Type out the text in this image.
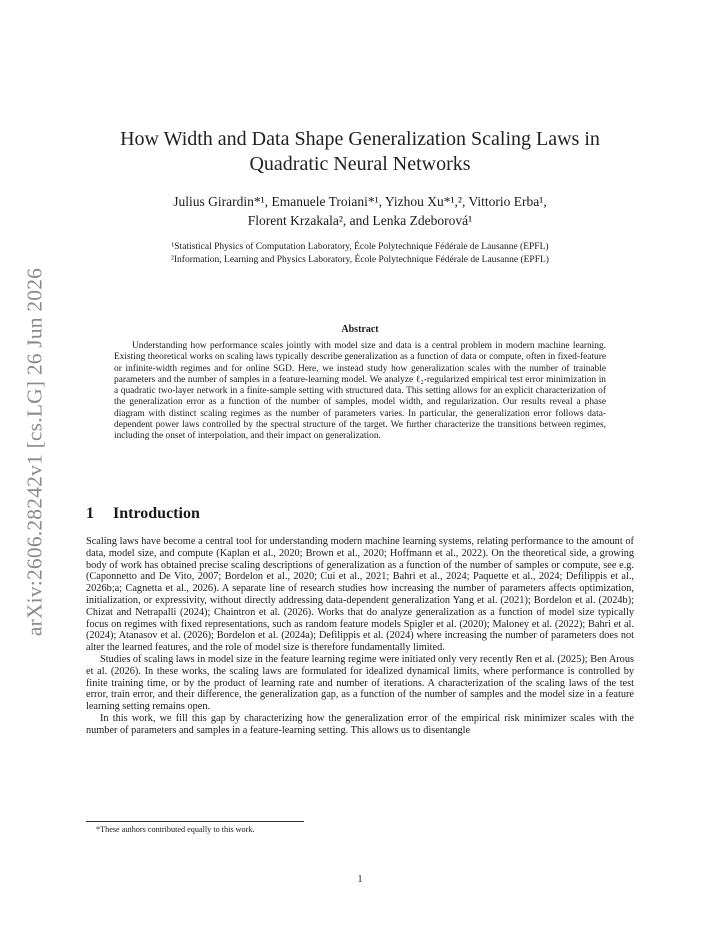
arXiv:2606.28242v1 [cs.LG] 26 Jun 2026
How Width and Data Shape Generalization Scaling Laws in
Quadratic Neural Networks
Julius Girardin*¹, Emanuele Troiani*¹, Yizhou Xu*¹,², Vittorio Erba¹,
Florent Krzakala², and Lenka Zdeborová¹
¹Statistical Physics of Computation Laboratory, École Polytechnique Fédérale de Lausanne (EPFL)
²Information, Learning and Physics Laboratory, École Polytechnique Fédérale de Lausanne (EPFL)
Abstract

Understanding how performance scales jointly with model size and data is a central problem in modern machine learning. Existing theoretical works on scaling laws typically describe generalization as a function of data or compute, often in fixed-feature or infinite-width regimes and for online SGD. Here, we instead study how generalization scales with the number of trainable parameters and the number of samples in a feature-learning model. We analyze ℓ₂-regularized empirical test error minimization in a quadratic two-layer network in a finite-sample setting with structured data. This setting allows for an explicit characterization of the generalization error as a function of the number of samples, model width, and regularization. Our results reveal a phase diagram with distinct scaling regimes as the number of parameters varies. In particular, the generalization error follows data-dependent power laws controlled by the spectral structure of the target. We further characterize the transitions between regimes, including the onset of interpolation, and their impact on generalization.

1 Introduction

Scaling laws have become a central tool for understanding modern machine learning systems, relating performance to the amount of data, model size, and compute (Kaplan et al., 2020; Brown et al., 2020; Hoffmann et al., 2022). On the theoretical side, a growing body of work has obtained precise scaling descriptions of generalization as a function of the number of samples or compute, see e.g. (Caponnetto and De Vito, 2007; Bordelon et al., 2020; Cui et al., 2021; Bahri et al., 2024; Paquette et al., 2024; Defilippis et al., 2026b;a; Cagnetta et al., 2026). A separate line of research studies how increasing the number of parameters affects optimization, initialization, or expressivity, without directly addressing data-dependent generalization Yang et al. (2021); Bordelon et al. (2024b); Chizat and Netrapalli (2024); Chaintron et al. (2026). Works that do analyze generalization as a function of model size typically focus on regimes with fixed representations, such as random feature models Spigler et al. (2020); Maloney et al. (2022); Bahri et al. (2024); Atanasov et al. (2026); Bordelon et al. (2024a); Defilippis et al. (2024) where increasing the number of parameters does not alter the learned features, and the role of model size is therefore fundamentally limited.

Studies of scaling laws in model size in the feature learning regime were initiated only very recently Ren et al. (2025); Ben Arous et al. (2026). In these works, the scaling laws are formulated for idealized dynamical limits, where performance is controlled by finite training time, or by the product of learning rate and number of iterations. A characterization of the scaling laws of the test error, train error, and their difference, the generalization gap, as a function of the number of samples and the model size in a feature learning setting remains open.

In this work, we fill this gap by characterizing how the generalization error of the empirical risk minimizer scales with the number of parameters and samples in a feature-learning setting. This allows us to disentangle

*These authors contributed equally to this work.
1
